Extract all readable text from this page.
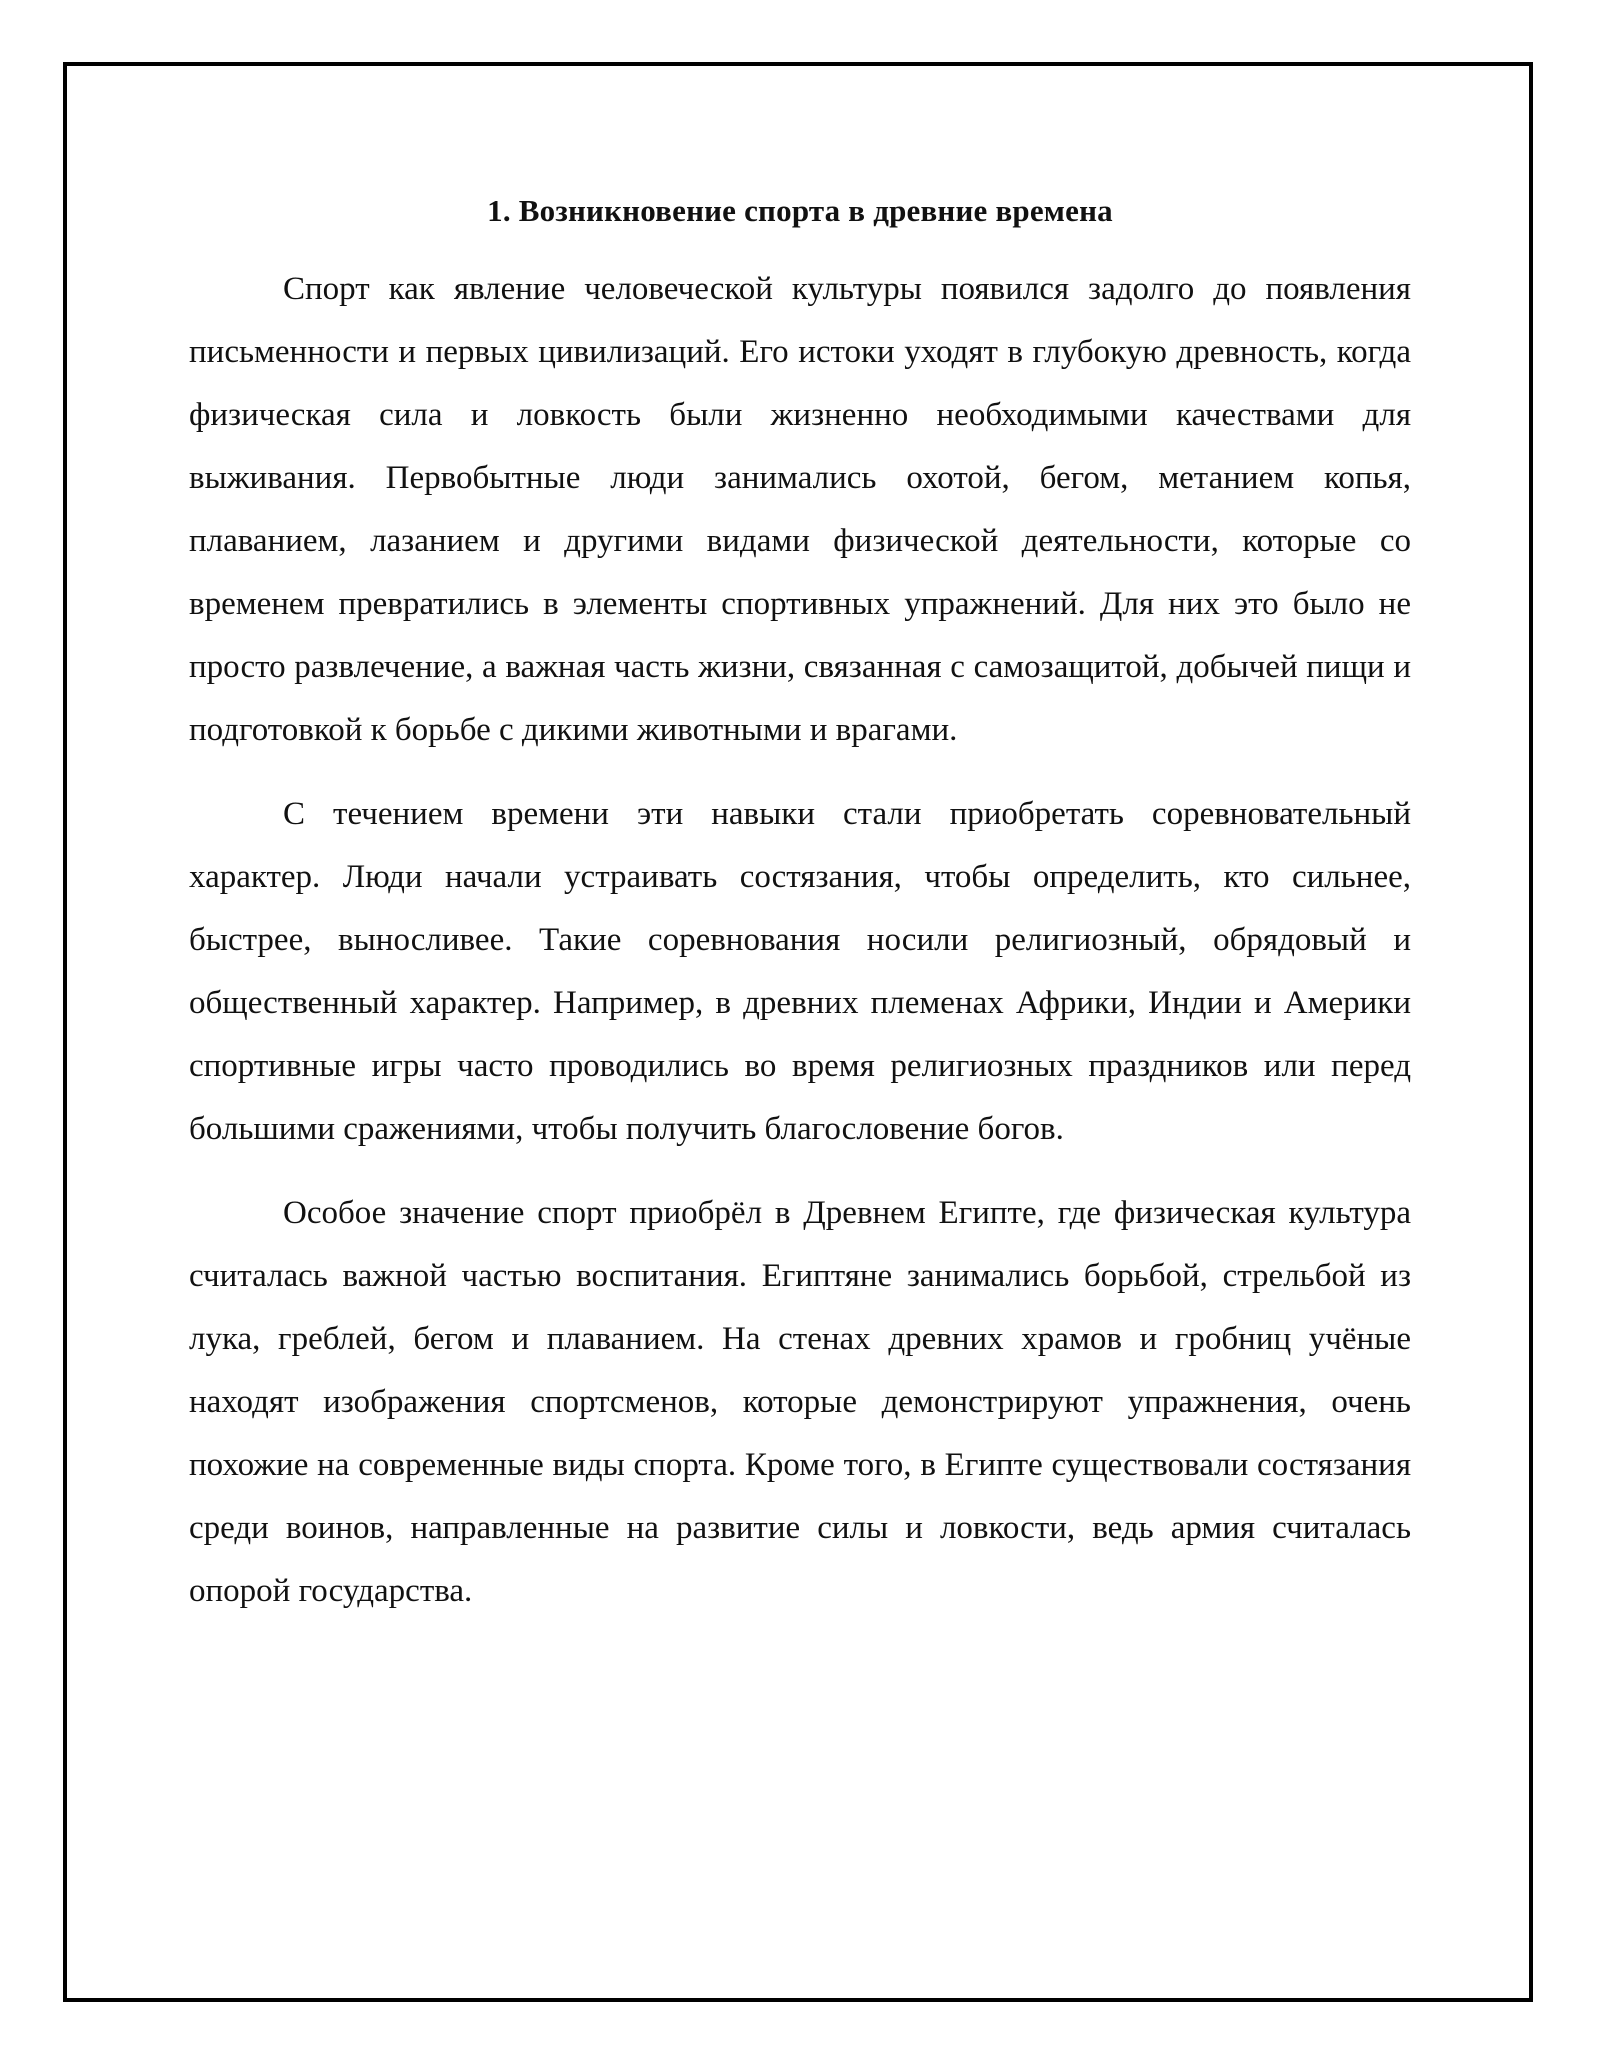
1. Возникновение спорта в древние времена

Спорт как явление человеческой культуры появился задолго до появления письменности и первых цивилизаций. Его истоки уходят в глубокую древность, когда физическая сила и ловкость были жизненно необходимыми качествами для выживания. Первобытные люди занимались охотой, бегом, метанием копья, плаванием, лазанием и другими видами физической деятельности, которые со временем превратились в элементы спортивных упражнений. Для них это было не просто развлечение, а важная часть жизни, связанная с самозащитой, добычей пищи и подготовкой к борьбе с дикими животными и врагами.

С течением времени эти навыки стали приобретать соревновательный характер. Люди начали устраивать состязания, чтобы определить, кто сильнее, быстрее, выносливее. Такие соревнования носили религиозный, обрядовый и общественный характер. Например, в древних племенах Африки, Индии и Америки спортивные игры часто проводились во время религиозных праздников или перед большими сражениями, чтобы получить благословение богов.

Особое значение спорт приобрёл в Древнем Египте, где физическая культура считалась важной частью воспитания. Египтяне занимались борьбой, стрельбой из лука, греблей, бегом и плаванием. На стенах древних храмов и гробниц учёные находят изображения спортсменов, которые демонстрируют упражнения, очень похожие на современные виды спорта. Кроме того, в Египте существовали состязания среди воинов, направленные на развитие силы и ловкости, ведь армия считалась опорой государства.
